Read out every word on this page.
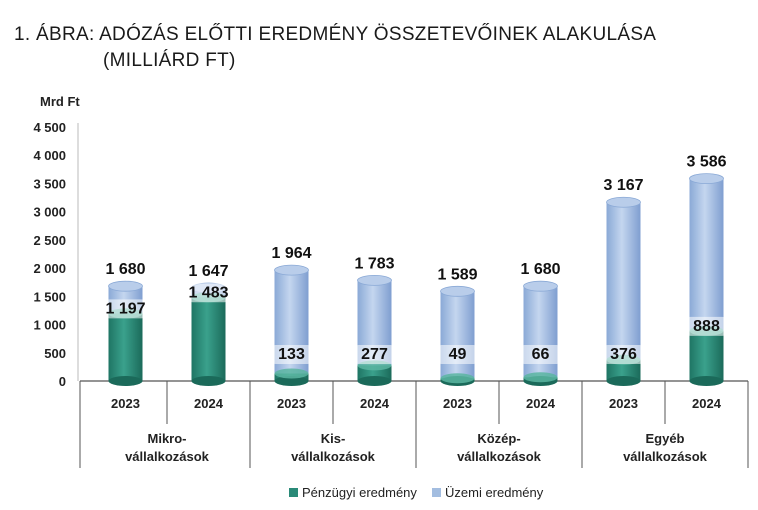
1. ÁBRA: ADÓZÁS ELŐTTI EREDMÉNY ÖSSZETEVŐINEK ALAKULÁSA
(MILLIÁRD FT)
Mrd Ft
0
500
1 000
1 500
2 000
2 500
3 000
3 500
4 000
4 500
1 680
1 197
2023
1 647
1 483
2024
1 964
133
2023
1 783
277
2024
1 589
49
2023
1 680
66
2024
3 167
376
2023
3 586
888
2024
Mikro-
vállalkozások
Kis-
vállalkozások
Közép-
vállalkozások
Egyéb
vállalkozások
Pénzügyi eredmény Üzemi eredmény
